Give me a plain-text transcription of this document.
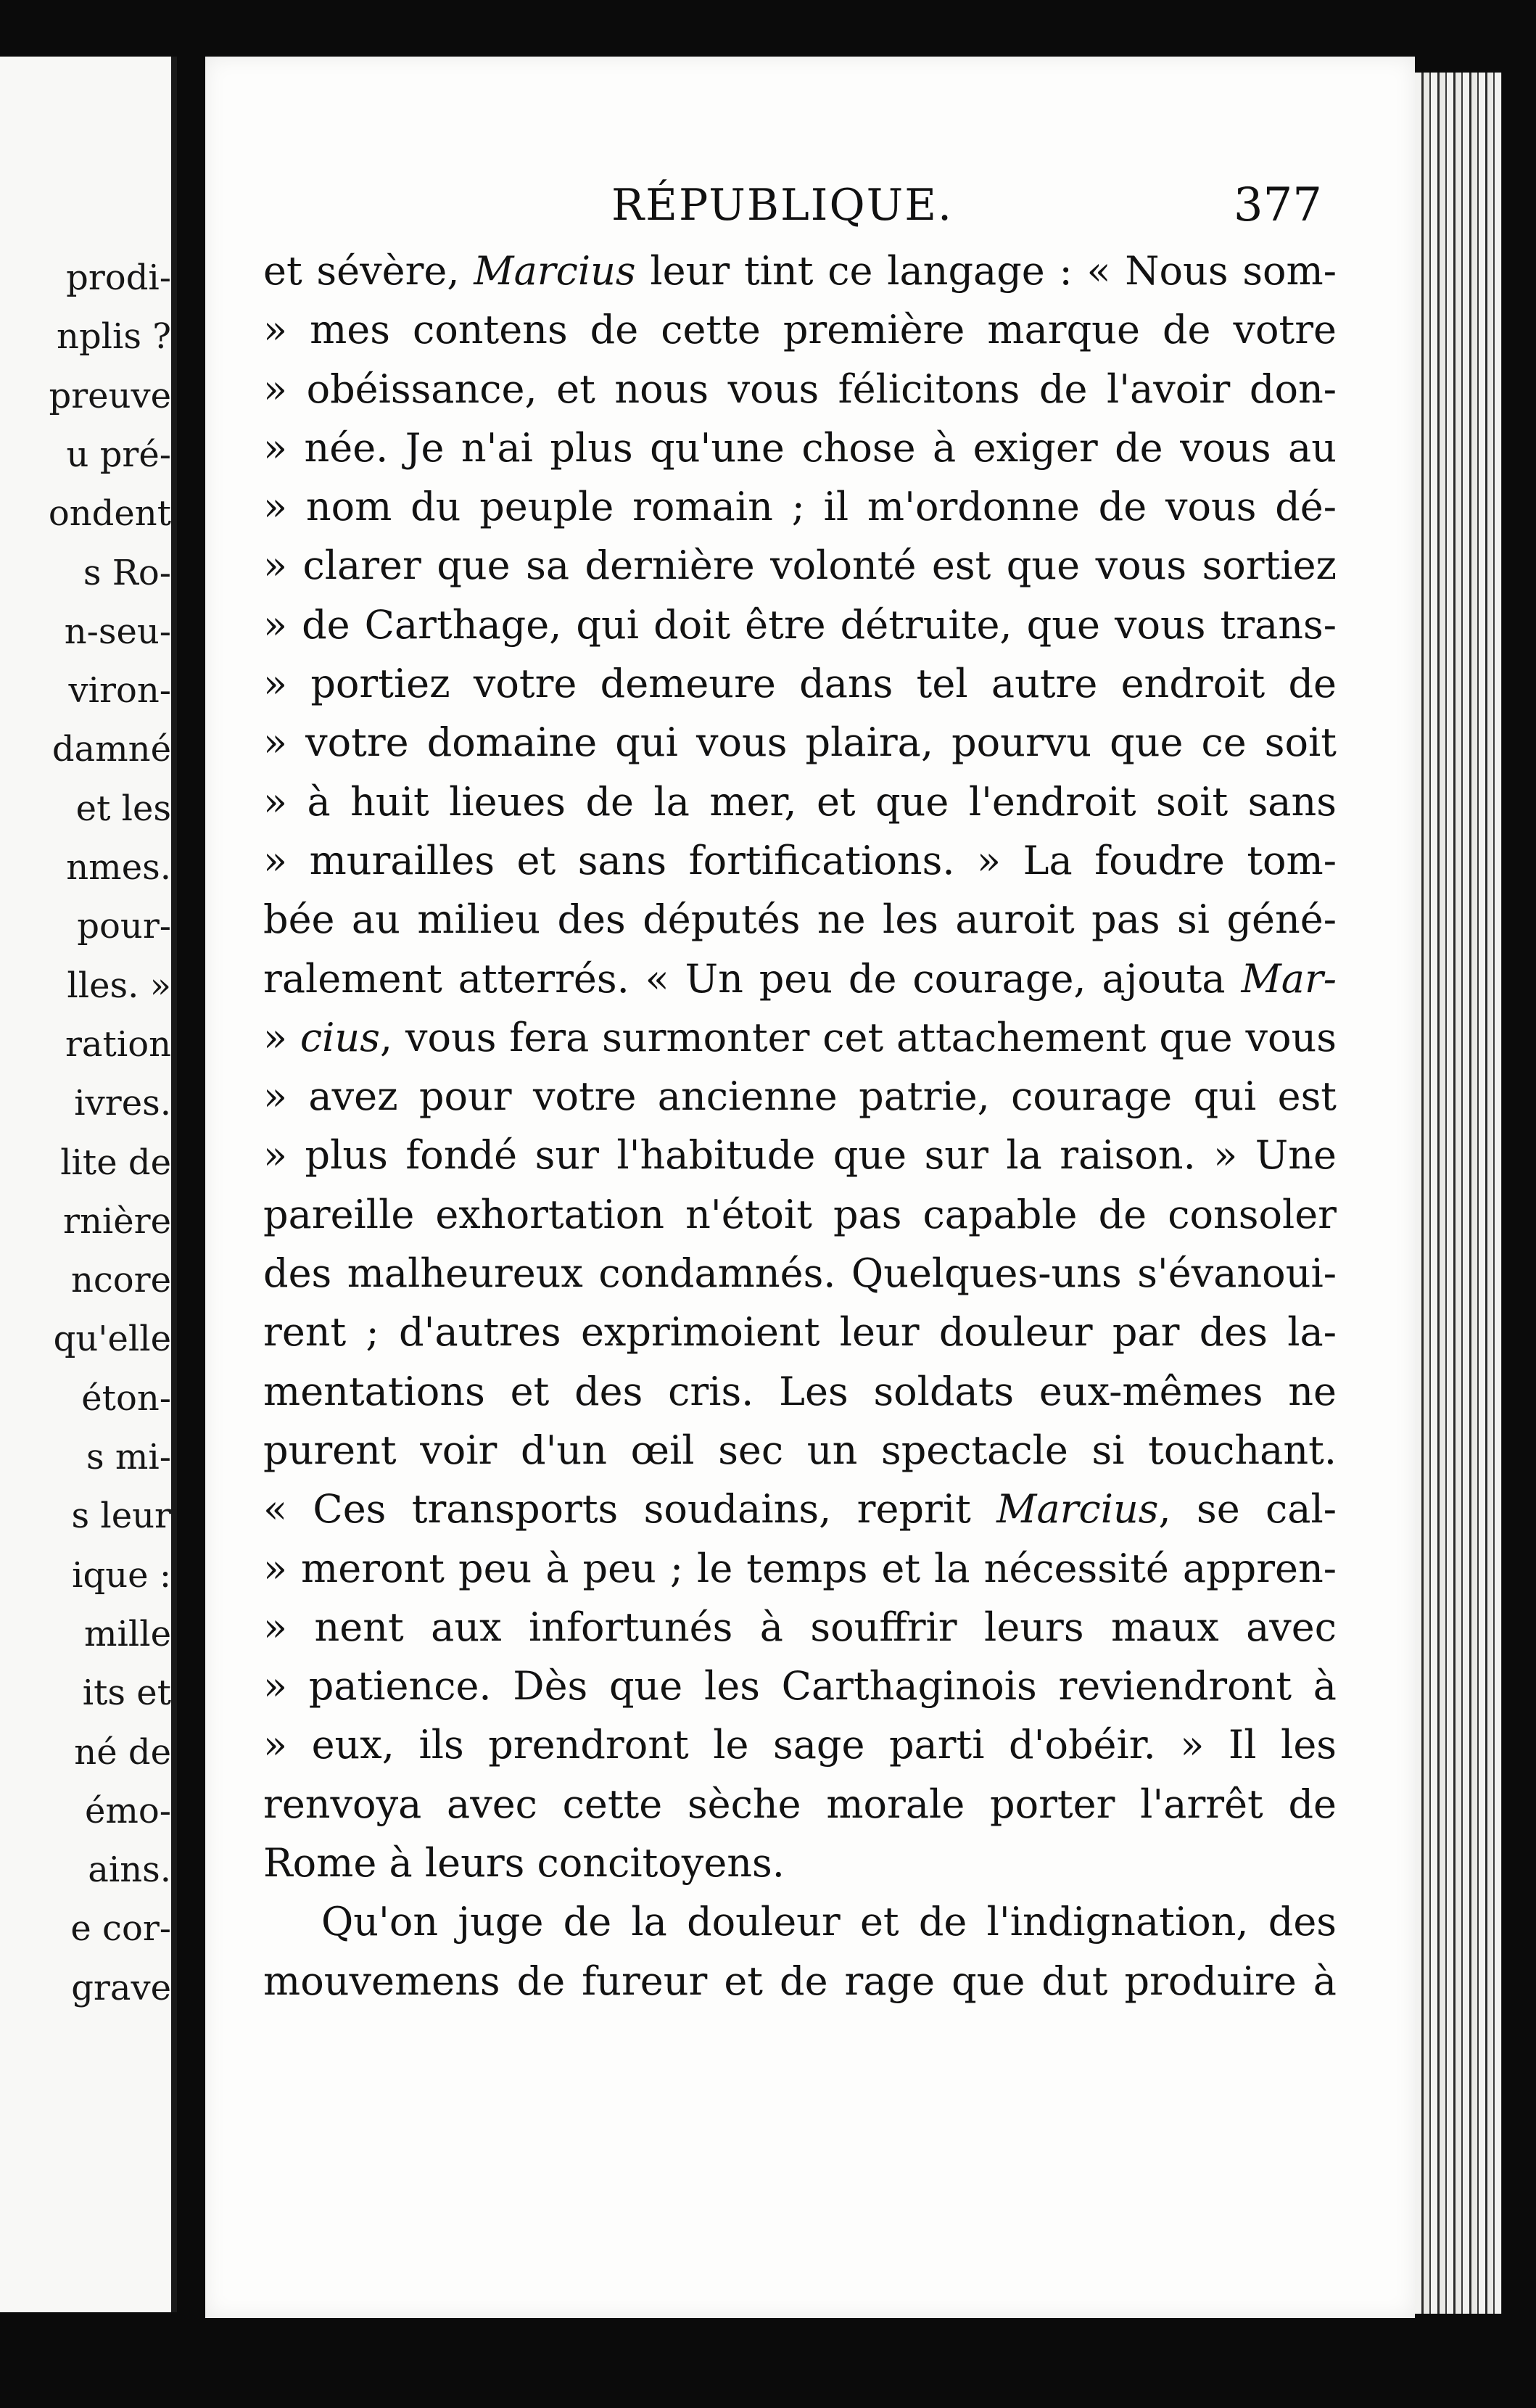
prodi-
nplis ?
preuve
u pré-
ondent
s Ro-
n-seu-
viron-
damné
et les
nmes.
pour-
lles. »
ration
ivres.
lite de
rnière
ncore
qu'elle
éton-
s mi-
s leur
ique :
mille
its et
né de
émo-
ains.
e cor-
grave
RÉPUBLIQUE.	377
et sévère, Marcius leur tint ce langage : « Nous som-
» mes contens de cette première marque de votre
» obéissance, et nous vous félicitons de l'avoir don-
» née. Je n'ai plus qu'une chose à exiger de vous au
» nom du peuple romain ; il m'ordonne de vous dé-
» clarer que sa dernière volonté est que vous sortiez
» de Carthage, qui doit être détruite, que vous trans-
» portiez votre demeure dans tel autre endroit de
» votre domaine qui vous plaira, pourvu que ce soit
» à huit lieues de la mer, et que l'endroit soit sans
» murailles et sans fortifications. » La foudre tom-
bée au milieu des députés ne les auroit pas si géné-
ralement atterrés. « Un peu de courage, ajouta Mar-
» cius, vous fera surmonter cet attachement que vous
» avez pour votre ancienne patrie, courage qui est
» plus fondé sur l'habitude que sur la raison. » Une
pareille exhortation n'étoit pas capable de consoler
des malheureux condamnés. Quelques-uns s'évanoui-
rent ; d'autres exprimoient leur douleur par des la-
mentations et des cris. Les soldats eux-mêmes ne
purent voir d'un œil sec un spectacle si touchant.
« Ces transports soudains, reprit Marcius, se cal-
» meront peu à peu ; le temps et la nécessité appren-
» nent aux infortunés à souffrir leurs maux avec
» patience. Dès que les Carthaginois reviendront à
» eux, ils prendront le sage parti d'obéir. » Il les
renvoya avec cette sèche morale porter l'arrêt de
Rome à leurs concitoyens.
Qu'on juge de la douleur et de l'indignation, des
mouvemens de fureur et de rage que dut produire à
